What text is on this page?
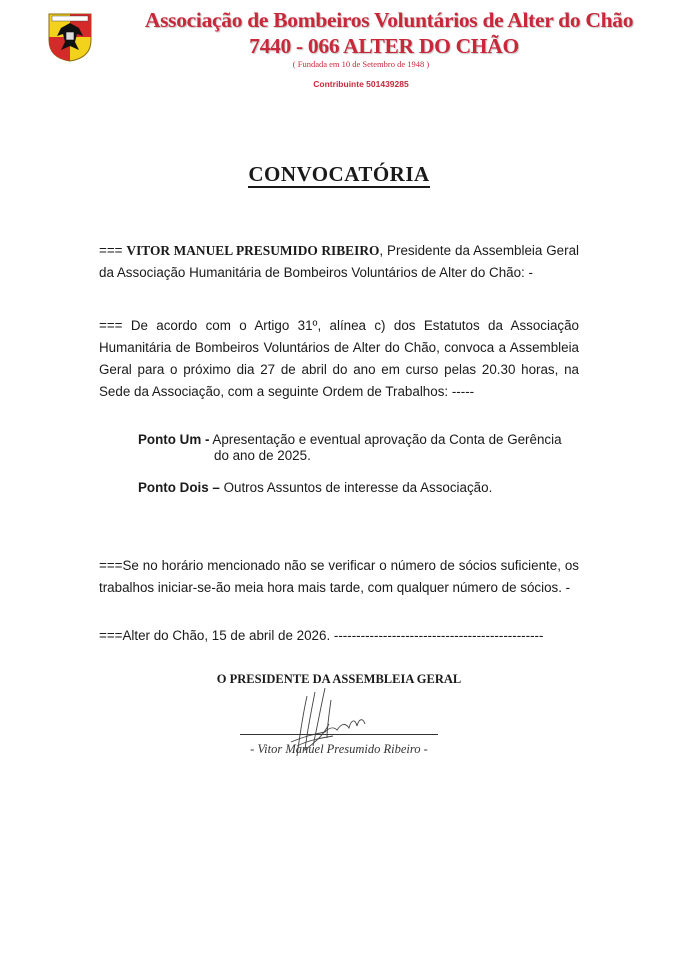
Associação de Bombeiros Voluntários de Alter do Chão
7440 - 066 ALTER DO CHÃO
( Fundada em 10 de Setembro de 1948 )
Contribuinte 501439285
CONVOCATÓRIA
=== VITOR MANUEL PRESUMIDO RIBEIRO, Presidente da Assembleia Geral da Associação Humanitária de Bombeiros Voluntários de Alter do Chão: -
=== De acordo com o Artigo 31º, alínea c) dos Estatutos da Associação Humanitária de Bombeiros Voluntários de Alter do Chão, convoca a Assembleia Geral para o próximo dia 27 de abril do ano em curso pelas 20.30 horas, na Sede da Associação, com a seguinte Ordem de Trabalhos: -----
Ponto Um - Apresentação e eventual aprovação da Conta de Gerência
do ano de 2025.
Ponto Dois – Outros Assuntos de interesse da Associação.
===Se no horário mencionado não se verificar o número de sócios suficiente, os trabalhos iniciar-se-ão meia hora mais tarde, com qualquer número de sócios. -
===Alter do Chão, 15 de abril de 2026. -----------------------------------------------
O PRESIDENTE DA ASSEMBLEIA GERAL
- Vitor Manuel Presumido Ribeiro -
